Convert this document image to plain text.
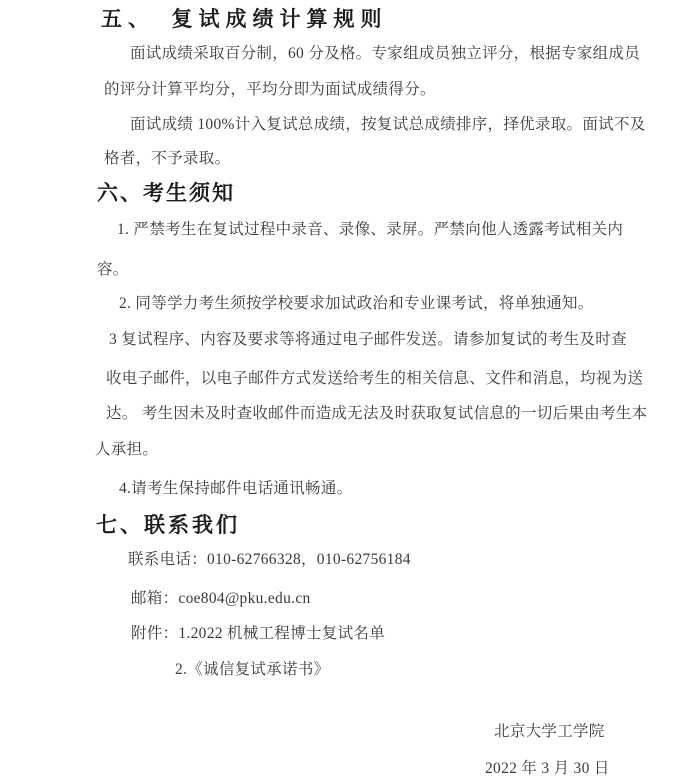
五、　复试成绩计算规则
面试成绩采取百分制，60 分及格。专家组成员独立评分，根据专家组成员
的评分计算平均分，平均分即为面试成绩得分。
面试成绩 100%计入复试总成绩，按复试总成绩排序，择优录取。面试不及
格者，不予录取。
六、考生须知
1. 严禁考生在复试过程中录音、录像、录屏。严禁向他人透露考试相关内
容。
2. 同等学力考生须按学校要求加试政治和专业课考试，将单独通知。
3 复试程序、内容及要求等将通过电子邮件发送。请参加复试的考生及时查
收电子邮件，以电子邮件方式发送给考生的相关信息、文件和消息，均视为送
达。 考生因未及时查收邮件而造成无法及时获取复试信息的一切后果由考生本
人承担。
4.请考生保持邮件电话通讯畅通。
七、联系我们
联系电话：010-62766328，010-62756184
邮箱：coe804@pku.edu.cn
附件：1.2022 机械工程博士复试名单
2.《诚信复试承诺书》
北京大学工学院
2022 年 3 月 30 日
